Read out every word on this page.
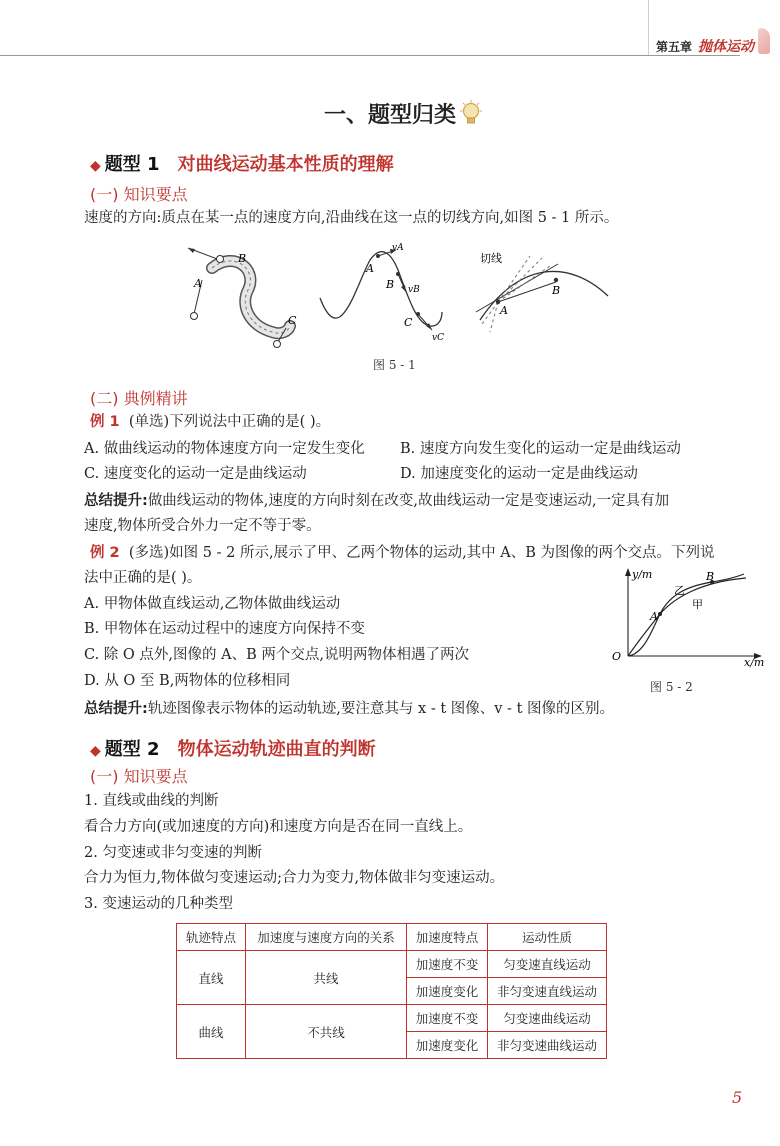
第五章 抛体运动
一、题型归类
◆ 题型 1 对曲线运动基本性质的理解
(一) 知识要点
速度的方向:质点在某一点的速度方向,沿曲线在这一点的切线方向,如图 5 - 1 所示。
A
B
C
A
B
C
vA
vB
vC
切线
A
B
图 5 - 1
(二) 典例精讲
例 1 (单选)下列说法中正确的是( )。
A. 做曲线运动的物体速度方向一定发生变化 B. 速度方向发生变化的运动一定是曲线运动
C. 速度变化的运动一定是曲线运动	D. 加速度变化的运动一定是曲线运动
总结提升:做曲线运动的物体,速度的方向时刻在改变,故曲线运动一定是变速运动,一定具有加
速度,物体所受合外力一定不等于零。
例 2 (多选)如图 5 - 2 所示,展示了甲、乙两个物体的运动,其中 A、B 为图像的两个交点。下列说
法中正确的是( )。
A. 甲物体做直线运动,乙物体做曲线运动
B. 甲物体在运动过程中的速度方向保持不变
C. 除 O 点外,图像的 A、B 两个交点,说明两物体相遇了两次
D. 从 O 至 B,两物体的位移相同
y/m
x/m
O
A
B
乙
甲
图 5 - 2
总结提升:轨迹图像表示物体的运动轨迹,要注意其与 x - t 图像、v - t 图像的区别。
◆ 题型 2 物体运动轨迹曲直的判断
(一) 知识要点
1. 直线或曲线的判断
看合力方向(或加速度的方向)和速度方向是否在同一直线上。
2. 匀变速或非匀变速的判断
合力为恒力,物体做匀变速运动;合力为变力,物体做非匀变速运动。
3. 变速运动的几种类型
轨迹特点	加速度与速度方向的关系	加速度特点	运动性质
直线	共线	加速度不变	匀变速直线运动
		加速度变化	非匀变速直线运动
曲线	不共线	加速度不变	匀变速曲线运动
		加速度变化	非匀变速曲线运动
5
